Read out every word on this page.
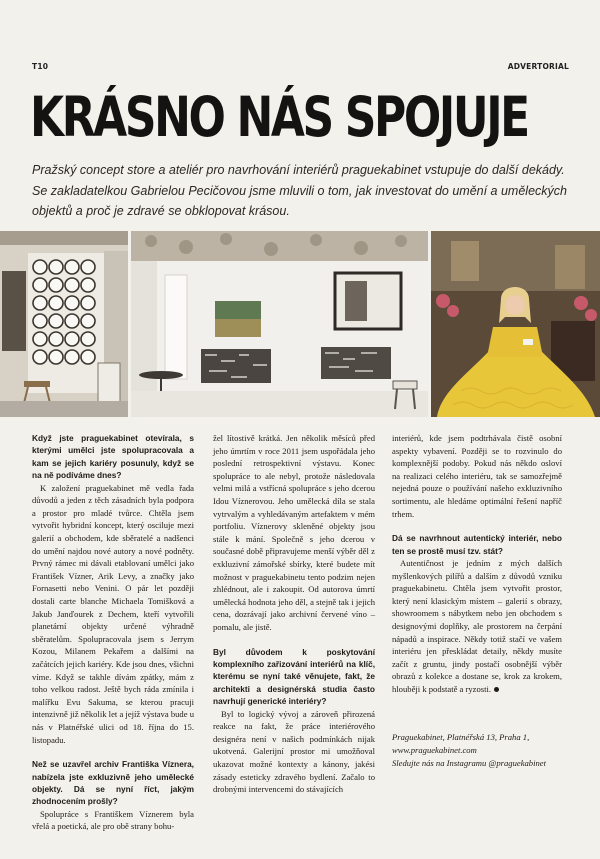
T10	ADVERTORIAL
KRÁSNO NÁS SPOJUJE
Pražský concept store a ateliér pro navrhování interiérů praguekabinet vstupuje do další dekády. Se zakladatelkou Gabrielou Pecičovou jsme mluvili o tom, jak investovat do umění a uměleckých objektů a proč je zdravé se obklopovat krásou.

Když jste praguekabinet otevírala, s kterými umělci jste spolupracovala a kam se jejich kariéry posunuly, když se na ně podíváme dnes?

K založení praguekabinet mě vedla řada důvodů a jeden z těch zásadních byla podpora a prostor pro mladé tvůrce. Chtěla jsem vytvořit hybridní koncept, který osciluje mezi galerií a obchodem, kde sběratelé a nadšenci do umění najdou nové autory a nové podněty. Prvný rámec mi dávali etablovaní umělci jako František Vízner, Arik Levy, a značky jako Fornasetti nebo Venini. O pár let později dostali carte blanche Michaela Tomišková a Jakub Janďourek z Dechem, kteří vytvořili planetární objekty určené výhradně sběratelům. Spolupracovala jsem s Jerrym Kozou, Milanem Pekařem a dalšími na začátcích jejich kariéry. Kde jsou dnes, všichni víme. Když se takhle dívám zpátky, mám z toho velkou radost. Ještě bych ráda zmínila i malířku Evu Sakuma, se kterou pracuji intenzivně již několik let a jejíž výstava bude u nás v Platnéřské ulici od 18. října do 15. listopadu.

Než se uzavřel archiv Františka Víznera, nabízela jste exkluzivně jeho umělecké objekty. Dá se nyní říct, jakým zhodnocením prošly?

Spolupráce s Františkem Víznerem byla vřelá a poetická, ale pro obě strany bohu-

žel lítostivě krátká. Jen několik měsíců před jeho úmrtím v roce 2011 jsem uspořádala jeho poslední retrospektivní výstavu. Konec spolupráce to ale nebyl, protože následovala velmi milá a vstřícná spolupráce s jeho dcerou Idou Víznerovou. Jeho umělecká díla se stala vytrvalým a vyhledávaným artefaktem v mém portfoliu. Víznerovy skleněné objekty jsou stále k mání. Společně s jeho dcerou v současné době připravujeme menší výběr děl z exkluzivní zámořské sbírky, které budete mít možnost v praguekabinetu tento podzim nejen zhlédnout, ale i zakoupit. Od autorova úmrtí umělecká hodnota jeho děl, a stejně tak i jejich cena, dozrávají jako archivní červené víno – pomalu, ale jistě.

Byl důvodem k poskytování komplexního zařizování interiérů na klíč, kterému se nyní také věnujete, fakt, že architekti a designérská studia často navrhují generické interiéry?

Byl to logický vývoj a zároveň přirozená reakce na fakt, že práce interiérového designéra není v našich podmínkách nijak ukotvená. Galerijní prostor mi umožňoval ukazovat možné kontexty a kánony, jakési zásady esteticky zdravého bydlení. Začalo to drobnými intervencemi do stávajících

interiérů, kde jsem podtrhávala čistě osobní aspekty vybavení. Později se to rozvinulo do komplexnější podoby. Pokud nás někdo osloví na realizaci celého interiéru, tak se samozřejmě nejedná pouze o používání našeho exkluzivního sortimentu, ale hledáme optimální řešení napříč trhem.

Dá se navrhnout autentický interiér, nebo ten se prostě musí tzv. stát?

Autentičnost je jedním z mých dalších myšlenkových pilířů a dalším z důvodů vzniku praguekabinetu. Chtěla jsem vytvořit prostor, který není klasickým místem – galerií s obrazy, showroomem s nábytkem nebo jen obchodem s designovými doplňky, ale prostorem na čerpání nápadů a inspirace. Někdy totiž stačí ve vašem interiéru jen přeskládat detaily, někdy musíte začít z gruntu, jindy postačí osobnější výběr obrazů z kolekce a dostane se, krok za krokem, hlouběji k podstatě a ryzosti.

Praguekabinet, Platnéřská 13, Praha 1,
www.praguekabinet.com
Sledujte nás na Instagramu @praguekabinet
